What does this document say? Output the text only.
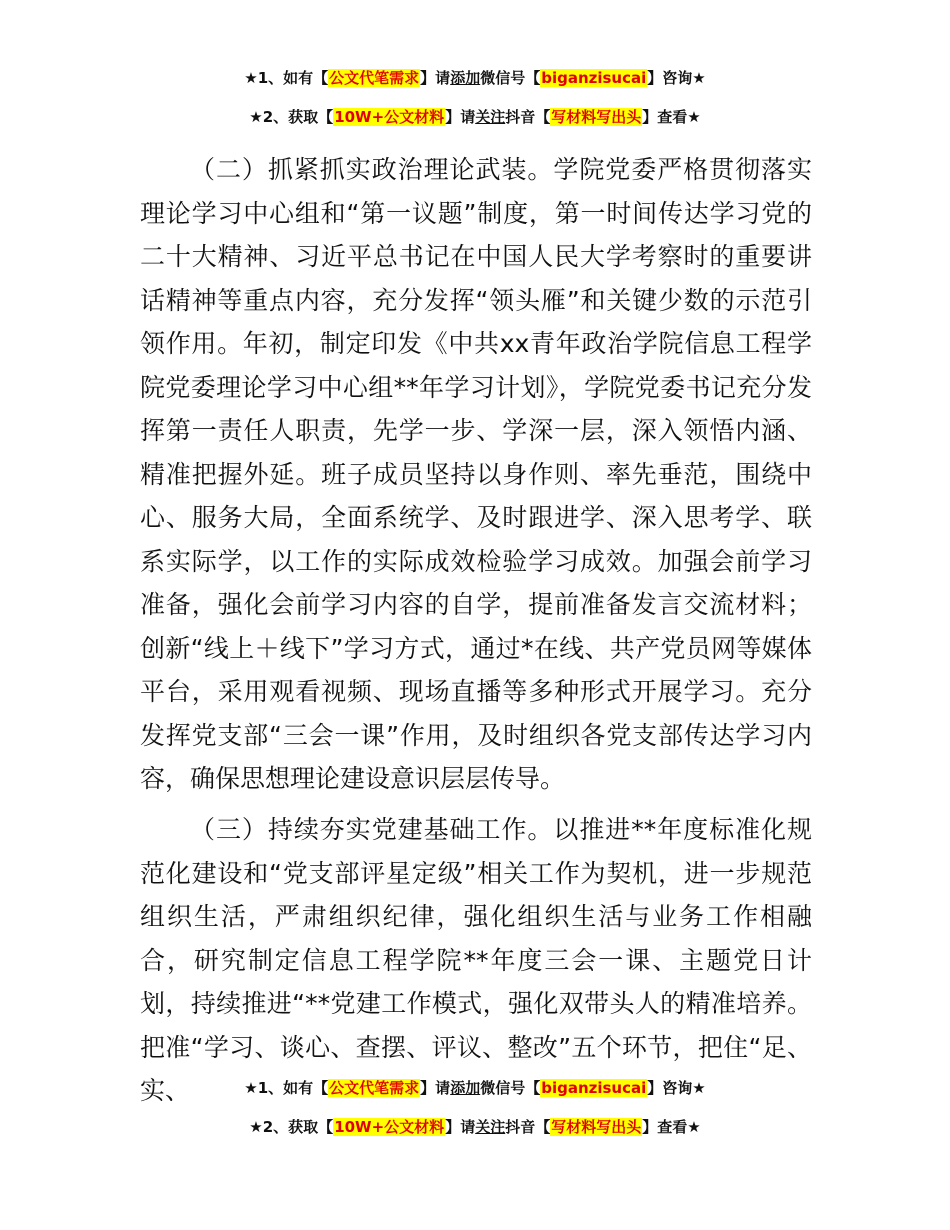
★1、如有【公文代笔需求】请添加微信号【biganzisucai】咨询★
★2、获取【10W+公文材料】请关注抖音【写材料写出头】查看★

（二）抓紧抓实政治理论武装。学院党委严格贯彻落实理论学习中心组和“第一议题”制度，第一时间传达学习党的二十大精神、习近平总书记在中国人民大学考察时的重要讲话精神等重点内容，充分发挥“领头雁”和关键少数的示范引领作用。年初，制定印发《中共xx青年政治学院信息工程学院党委理论学习中心组**年学习计划》，学院党委书记充分发挥第一责任人职责，先学一步、学深一层，深入领悟内涵、精准把握外延。班子成员坚持以身作则、率先垂范，围绕中心、服务大局，全面系统学、及时跟进学、深入思考学、联系实际学，以工作的实际成效检验学习成效。加强会前学习准备，强化会前学习内容的自学，提前准备发言交流材料；创新“线上＋线下”学习方式，通过*在线、共产党员网等媒体平台，采用观看视频、现场直播等多种形式开展学习。充分发挥党支部“三会一课”作用，及时组织各党支部传达学习内容，确保思想理论建设意识层层传导。

（三）持续夯实党建基础工作。以推进**年度标准化规范化建设和“党支部评星定级”相关工作为契机，进一步规范组织生活，严肃组织纪律，强化组织生活与业务工作相融合，研究制定信息工程学院**年度三会一课、主题党日计划，持续推进“**党建工作模式，强化双带头人的精准培养。把准“学习、谈心、查摆、评议、整改”五个环节，把住“足、实、	★1、如有【公文代笔需求】请添加微信号【biganzisucai】咨询★
★2、获取【10W+公文材料】请关注抖音【写材料写出头】查看★
